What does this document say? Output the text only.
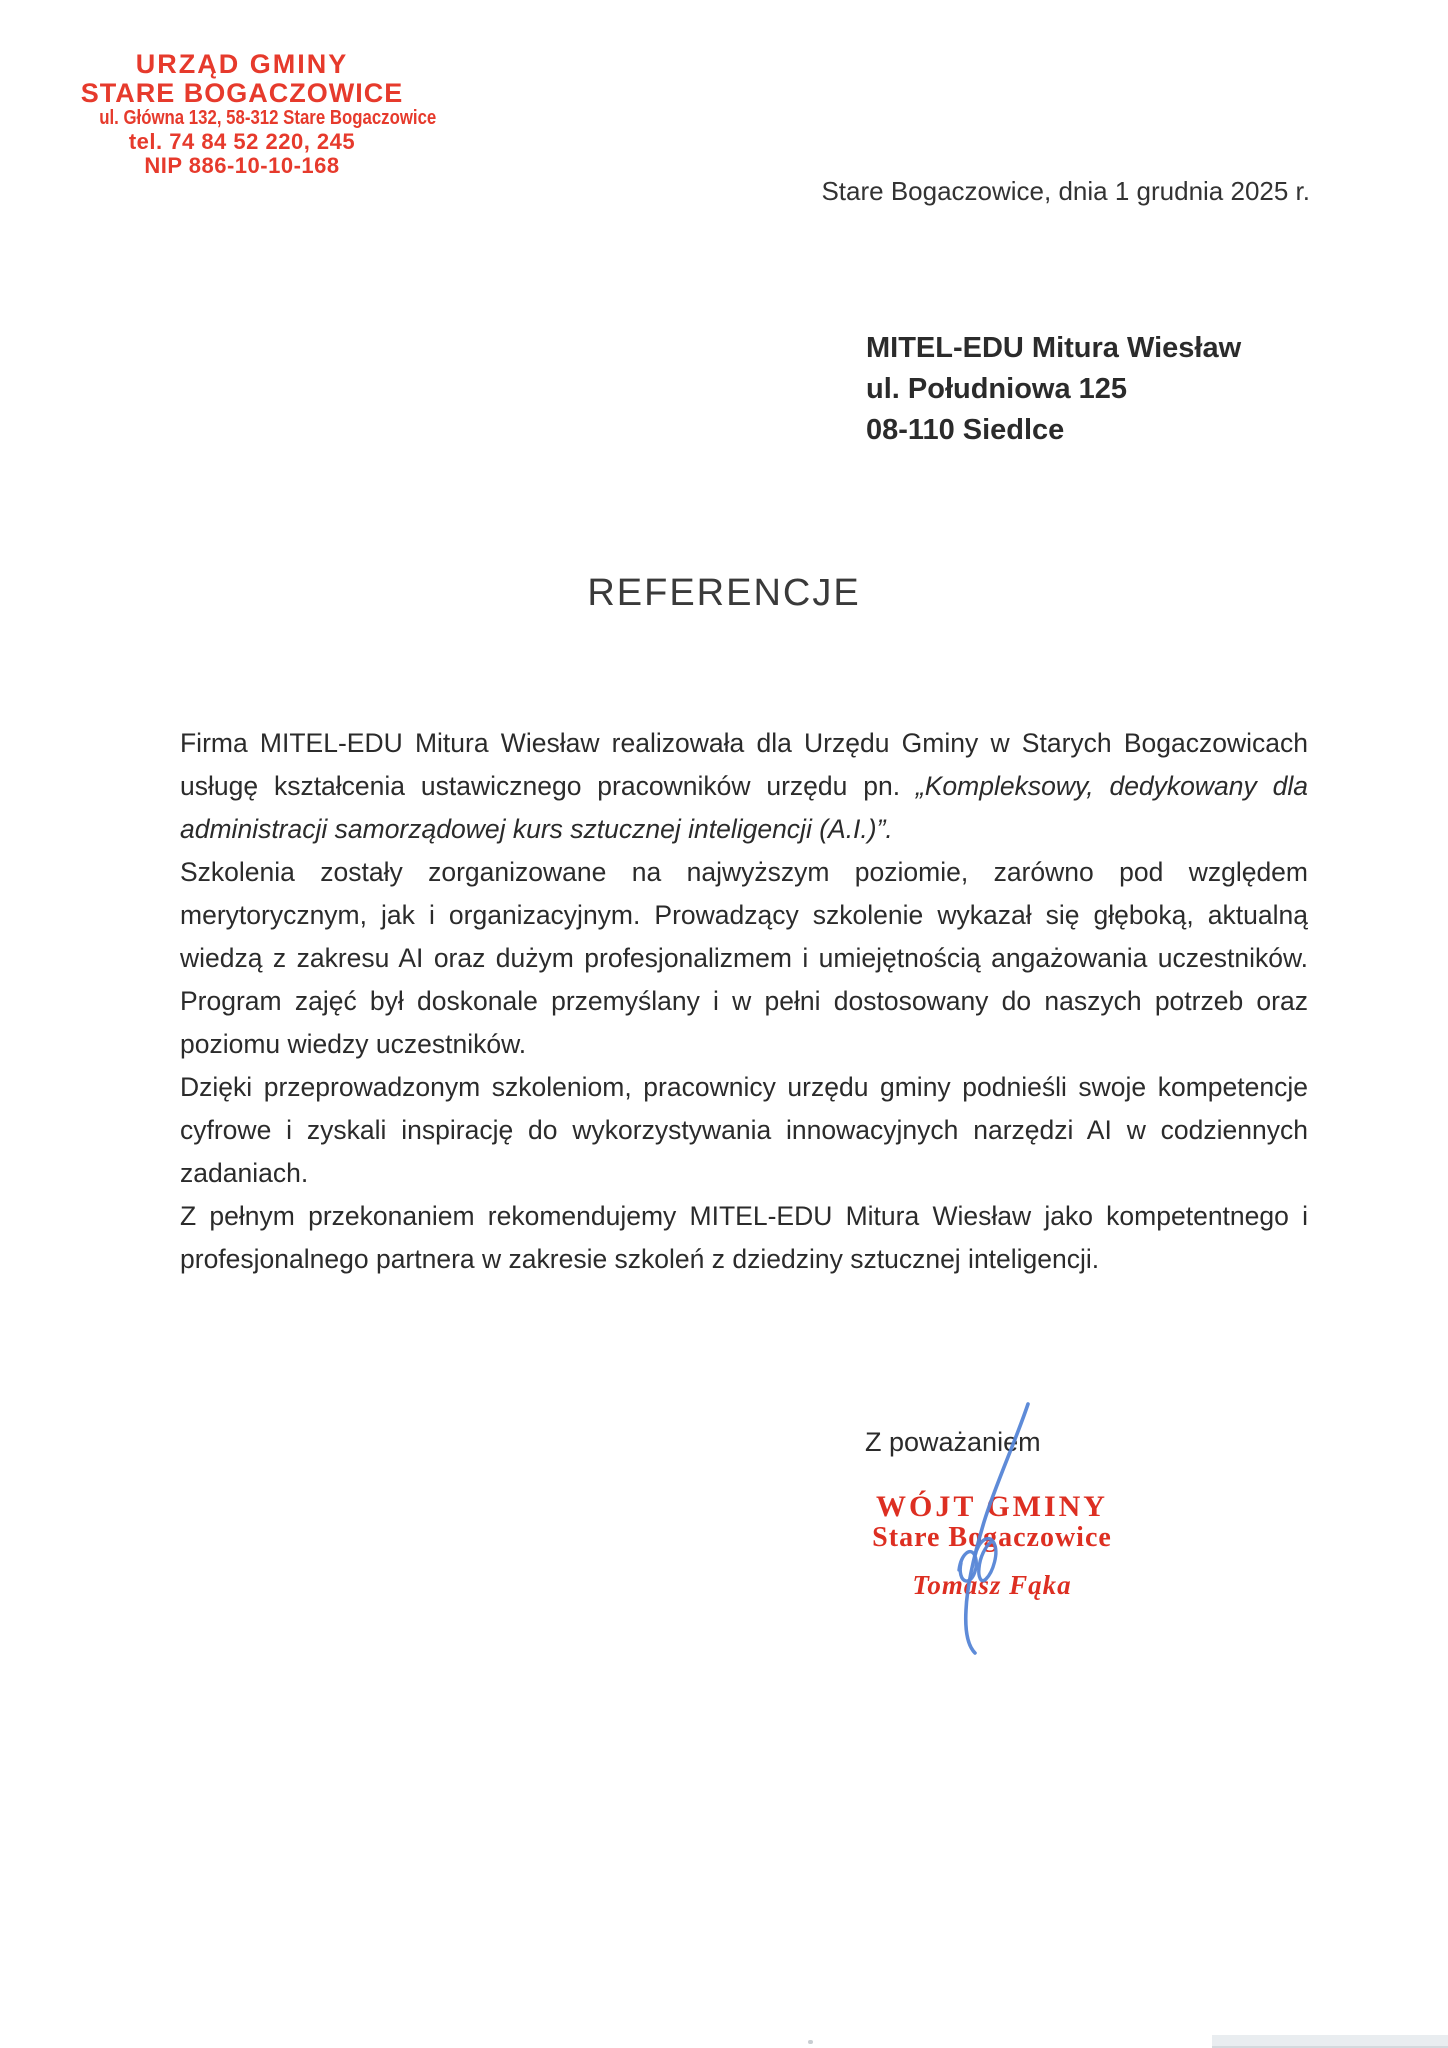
URZĄD GMINY
STARE BOGACZOWICE
ul. Główna 132, 58-312 Stare Bogaczowice
tel. 74 84 52 220, 245
NIP 886-10-10-168
Stare Bogaczowice, dnia 1 grudnia 2025 r.
MITEL-EDU Mitura Wiesław
ul. Południowa 125
08-110 Siedlce
REFERENCJE

Firma MITEL-EDU Mitura Wiesław realizowała dla Urzędu Gminy w Starych Bogaczowicach usługę kształcenia ustawicznego pracowników urzędu pn. „Kompleksowy, dedykowany dla administracji samorządowej kurs sztucznej inteligencji (A.I.)”.

Szkolenia zostały zorganizowane na najwyższym poziomie, zarówno pod względem merytorycznym, jak i organizacyjnym. Prowadzący szkolenie wykazał się głęboką, aktualną wiedzą z zakresu AI oraz dużym profesjonalizmem i umiejętnością angażowania uczestników. Program zajęć był doskonale przemyślany i w pełni dostosowany do naszych potrzeb oraz poziomu wiedzy uczestników.

Dzięki przeprowadzonym szkoleniom, pracownicy urzędu gminy podnieśli swoje kompetencje cyfrowe i zyskali inspirację do wykorzystywania innowacyjnych narzędzi AI w codziennych zadaniach.

Z pełnym przekonaniem rekomendujemy MITEL-EDU Mitura Wiesław jako kompetentnego i profesjonalnego partnera w zakresie szkoleń z dziedziny sztucznej inteligencji.

Z poważaniem
WÓJT GMINY
Stare Bogaczowice
Tomasz Fąka
